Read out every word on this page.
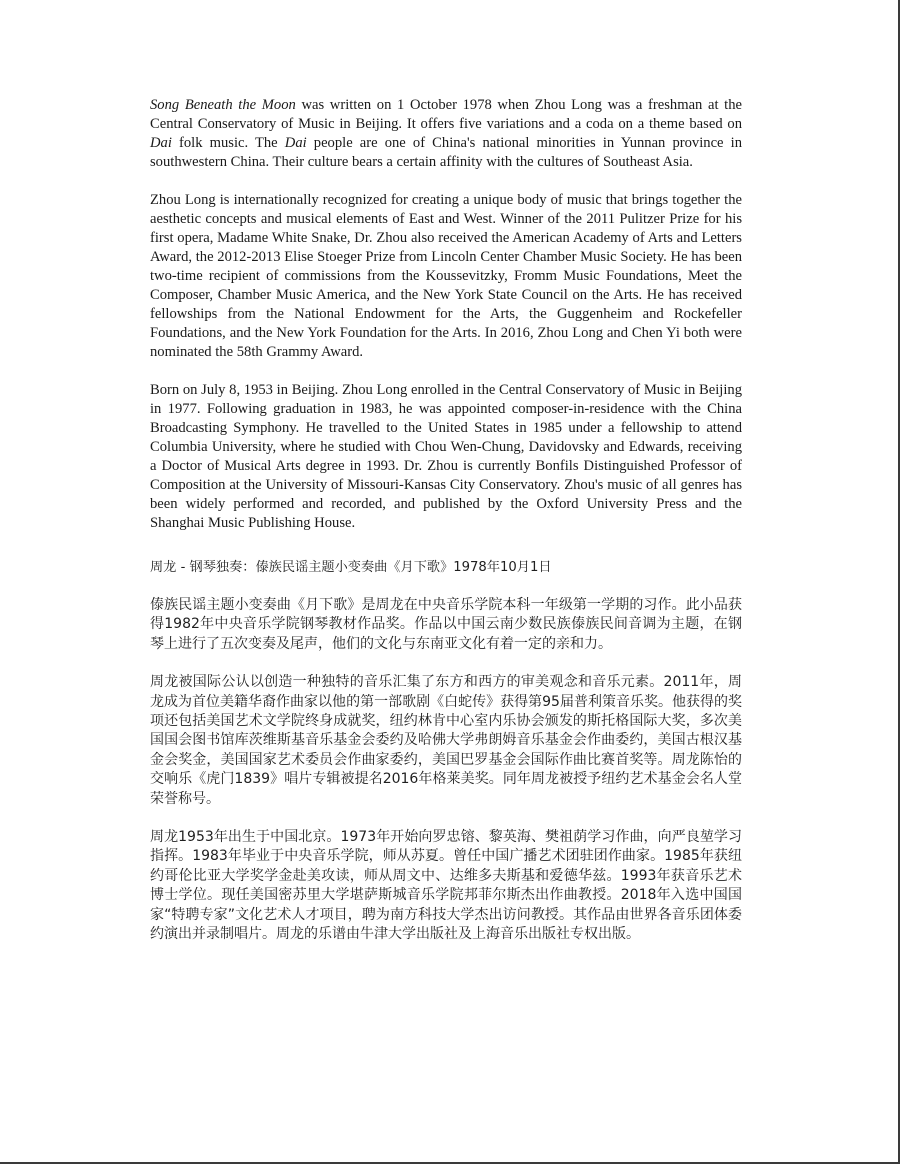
Song Beneath the Moon was written on 1 October 1978 when Zhou Long was a freshman at the Central Conservatory of Music in Beijing. It offers five variations and a coda on a theme based on Dai folk music. The Dai people are one of China's national minorities in Yunnan province in southwestern China. Their culture bears a certain affinity with the cultures of Southeast Asia.

Zhou Long is internationally recognized for creating a unique body of music that brings together the aesthetic concepts and musical elements of East and West. Winner of the 2011 Pulitzer Prize for his first opera, Madame White Snake, Dr. Zhou also received the American Academy of Arts and Letters Award, the 2012-2013 Elise Stoeger Prize from Lincoln Center Chamber Music Society. He has been two-time recipient of commissions from the Koussevitzky, Fromm Music Foundations, Meet the Composer, Chamber Music America, and the New York State Council on the Arts. He has received fellowships from the National Endowment for the Arts, the Guggenheim and Rockefeller Foundations, and the New York Foundation for the Arts. In 2016, Zhou Long and Chen Yi both were nominated the 58th Grammy Award.

Born on July 8, 1953 in Beijing. Zhou Long enrolled in the Central Conservatory of Music in Beijing in 1977. Following graduation in 1983, he was appointed composer-in-residence with the China Broadcasting Symphony. He travelled to the United States in 1985 under a fellowship to attend Columbia University, where he studied with Chou Wen-Chung, Davidovsky and Edwards, receiving a Doctor of Musical Arts degree in 1993. Dr. Zhou is currently Bonfils Distinguished Professor of Composition at the University of Missouri-Kansas City Conservatory. Zhou's music of all genres has been widely performed and recorded, and published by the Oxford University Press and the Shanghai Music Publishing House.

周龙 - 钢琴独奏：傣族民谣主题小变奏曲《月下歌》1978年10月1日

傣族民谣主题小变奏曲《月下歌》是周龙在中央音乐学院本科一年级第一学期的习作。此小品获得1982年中央音乐学院钢琴教材作品奖。作品以中国云南少数民族傣族民间音调为主题，在钢琴上进行了五次变奏及尾声，他们的文化与东南亚文化有着一定的亲和力。

周龙被国际公认以创造一种独特的音乐汇集了东方和西方的审美观念和音乐元素。2011年，周龙成为首位美籍华裔作曲家以他的第一部歌剧《白蛇传》获得第95届普利策音乐奖。他获得的奖项还包括美国艺术文学院终身成就奖，纽约林肯中心室内乐协会颁发的斯托格国际大奖，多次美国国会图书馆库茨维斯基音乐基金会委约及哈佛大学弗朗姆音乐基金会作曲委约，美国古根汉基金会奖金，美国国家艺术委员会作曲家委约，美国巴罗基金会国际作曲比赛首奖等。周龙陈怡的交响乐《虎门1839》唱片专辑被提名2016年格莱美奖。同年周龙被授予纽约艺术基金会名人堂荣誉称号。

周龙1953年出生于中国北京。1973年开始向罗忠镕、黎英海、樊祖荫学习作曲，向严良堃学习指挥。1983年毕业于中央音乐学院，师从苏夏。曾任中国广播艺术团驻团作曲家。1985年获纽约哥伦比亚大学奖学金赴美攻读，师从周文中、达维多夫斯基和爱德华兹。1993年获音乐艺术博士学位。现任美国密苏里大学堪萨斯城音乐学院邦菲尔斯杰出作曲教授。2018年入选中国国家“特聘专家”文化艺术人才项目，聘为南方科技大学杰出访问教授。其作品由世界各音乐团体委约演出并录制唱片。周龙的乐谱由牛津大学出版社及上海音乐出版社专权出版。
